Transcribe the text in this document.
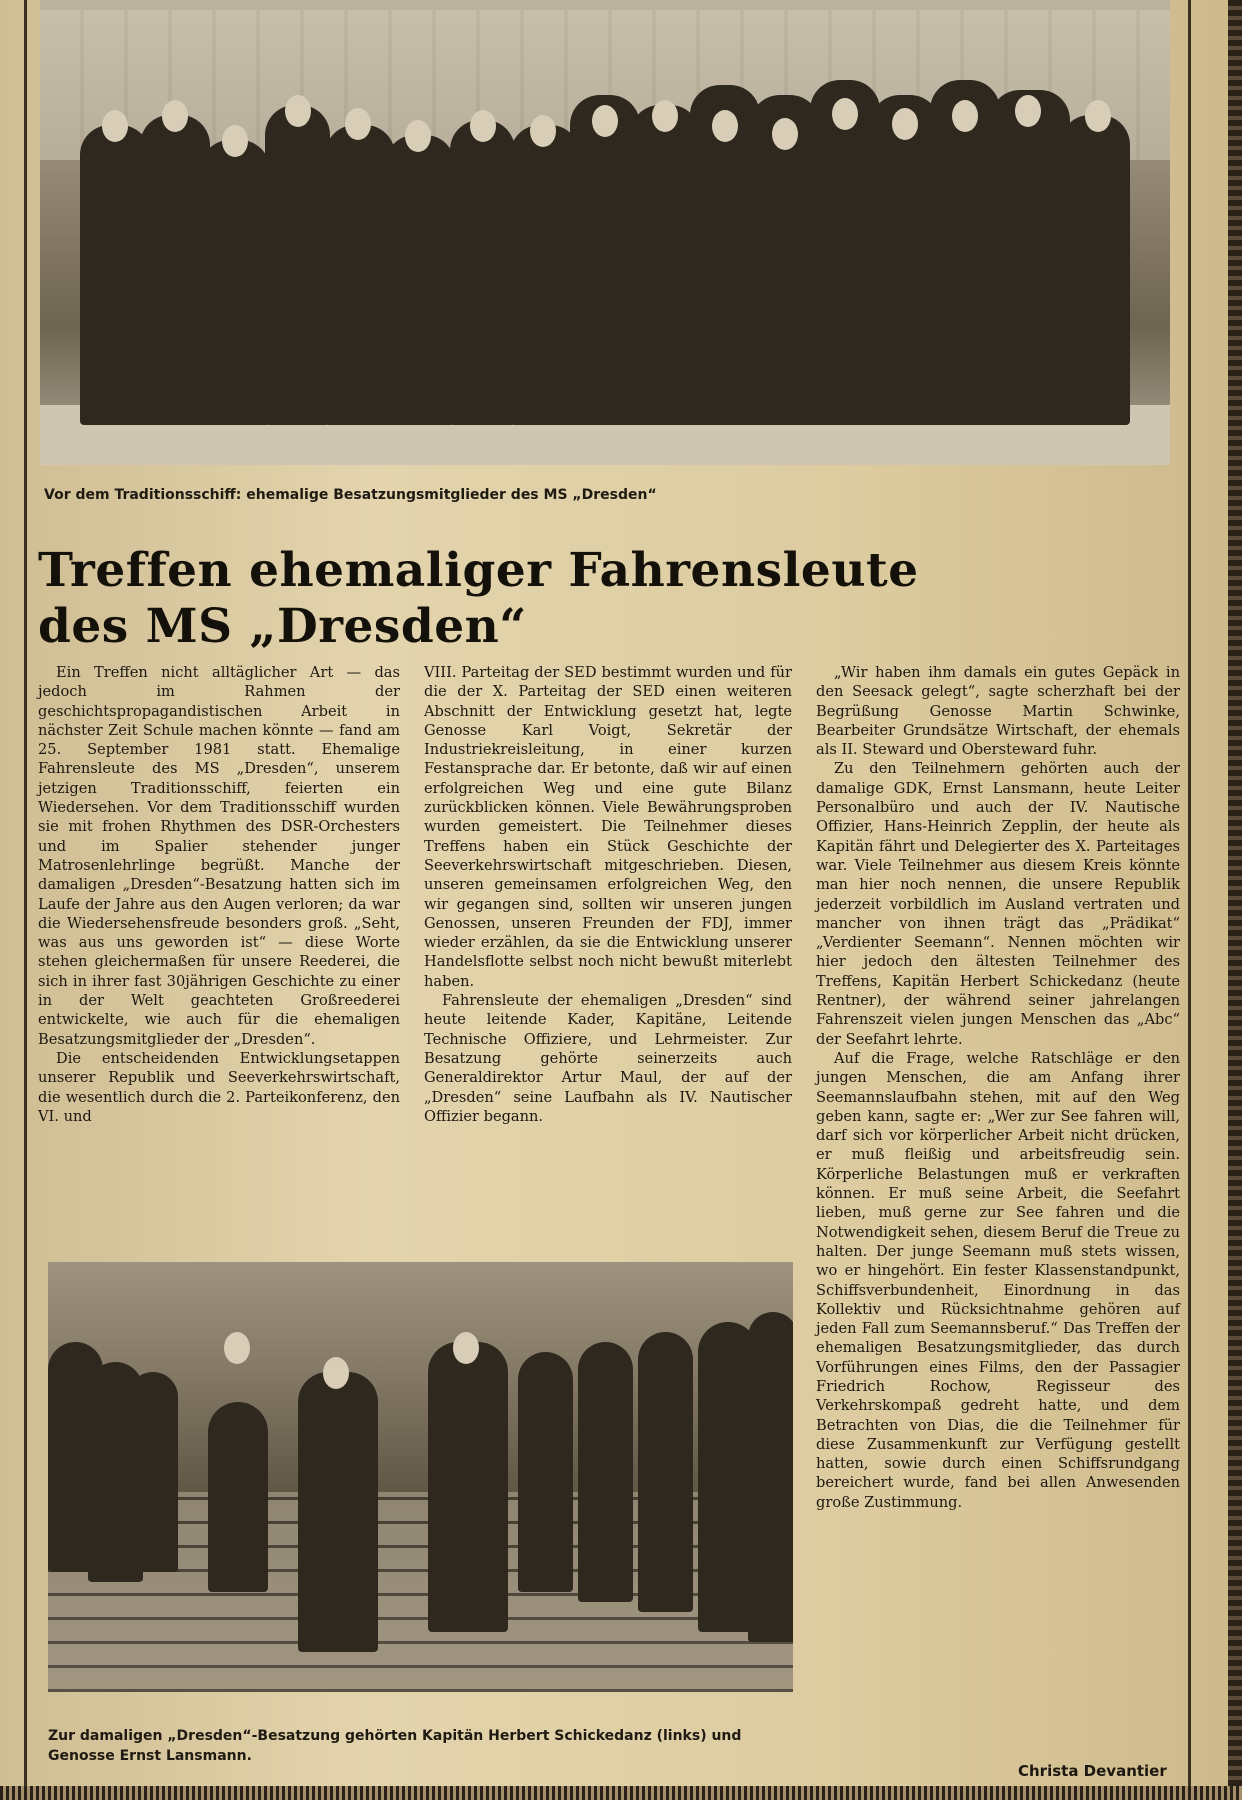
Vor dem Traditionsschiff: ehemalige Besatzungsmitglieder des MS „Dresden“
Treffen ehemaliger Fahrensleute
des MS „Dresden“

Ein Treffen nicht alltäglicher Art — das jedoch im Rahmen der geschichtspropagandistischen Arbeit in nächster Zeit Schule machen könnte — fand am 25. September 1981 statt. Ehemalige Fahrensleute des MS „Dresden“, unserem jetzigen Traditionsschiff, feierten ein Wiedersehen. Vor dem Traditionsschiff wurden sie mit frohen Rhythmen des DSR-Orchesters und im Spalier stehender junger Matrosenlehrlinge begrüßt. Manche der damaligen „Dresden“-Besatzung hatten sich im Laufe der Jahre aus den Augen verloren; da war die Wiedersehensfreude besonders groß. „Seht, was aus uns geworden ist“ — diese Worte stehen gleichermaßen für unsere Reederei, die sich in ihrer fast 30jährigen Geschichte zu einer in der Welt geachteten Großreederei entwickelte, wie auch für die ehemaligen Besatzungsmitglieder der „Dresden“.

Die entscheidenden Entwicklungsetappen unserer Republik und Seeverkehrswirtschaft, die wesentlich durch die 2. Parteikonferenz, den VI. und

VIII. Parteitag der SED bestimmt wurden und für die der X. Parteitag der SED einen weiteren Abschnitt der Entwicklung gesetzt hat, legte Genosse Karl Voigt, Sekretär der Industriekreisleitung, in einer kurzen Festansprache dar. Er betonte, daß wir auf einen erfolgreichen Weg und eine gute Bilanz zurückblicken können. Viele Bewährungsproben wurden gemeistert. Die Teilnehmer dieses Treffens haben ein Stück Geschichte der Seeverkehrswirtschaft mitgeschrieben. Diesen, unseren gemeinsamen erfolgreichen Weg, den wir gegangen sind, sollten wir unseren jungen Genossen, unseren Freunden der FDJ, immer wieder erzählen, da sie die Entwicklung unserer Handelsflotte selbst noch nicht bewußt miterlebt haben.

Fahrensleute der ehemaligen „Dresden“ sind heute leitende Kader, Kapitäne, Leitende Technische Offiziere, und Lehrmeister. Zur Besatzung gehörte seinerzeits auch Generaldirektor Artur Maul, der auf der „Dresden“ seine Laufbahn als IV. Nautischer Offizier begann.

„Wir haben ihm damals ein gutes Gepäck in den Seesack gelegt“, sagte scherzhaft bei der Begrüßung Genosse Martin Schwinke, Bearbeiter Grundsätze Wirtschaft, der ehemals als II. Steward und Obersteward fuhr.

Zu den Teilnehmern gehörten auch der damalige GDK, Ernst Lansmann, heute Leiter Personalbüro und auch der IV. Nautische Offizier, Hans-Heinrich Zepplin, der heute als Kapitän fährt und Delegierter des X. Parteitages war. Viele Teilnehmer aus diesem Kreis könnte man hier noch nennen, die unsere Republik jederzeit vorbildlich im Ausland vertraten und mancher von ihnen trägt das „Prädikat“ „Verdienter Seemann“. Nennen möchten wir hier jedoch den ältesten Teilnehmer des Treffens, Kapitän Herbert Schickedanz (heute Rentner), der während seiner jahrelangen Fahrenszeit vielen jungen Menschen das „Abc“ der Seefahrt lehrte.

Auf die Frage, welche Ratschläge er den jungen Menschen, die am Anfang ihrer Seemannslaufbahn stehen, mit auf den Weg geben kann, sagte er: „Wer zur See fahren will, darf sich vor körperlicher Arbeit nicht drücken, er muß fleißig und arbeitsfreudig sein. Körperliche Belastungen muß er verkraften können. Er muß seine Arbeit, die Seefahrt lieben, muß gerne zur See fahren und die Notwendigkeit sehen, diesem Beruf die Treue zu halten. Der junge Seemann muß stets wissen, wo er hingehört. Ein fester Klassenstandpunkt, Schiffsverbundenheit, Einordnung in das Kollektiv und Rücksichtnahme gehören auf jeden Fall zum Seemannsberuf.“ Das Treffen der ehemaligen Besatzungsmitglieder, das durch Vorführungen eines Films, den der Passagier Friedrich Rochow, Regisseur des Verkehrskompaß gedreht hatte, und dem Betrachten von Dias, die die Teilnehmer für diese Zusammenkunft zur Verfügung gestellt hatten, sowie durch einen Schiffsrundgang bereichert wurde, fand bei allen Anwesenden große Zustimmung.

Zur damaligen „Dresden“-Besatzung gehörten Kapitän Herbert Schickedanz (links) und Genosse Ernst Lansmann.
Christa Devantier
